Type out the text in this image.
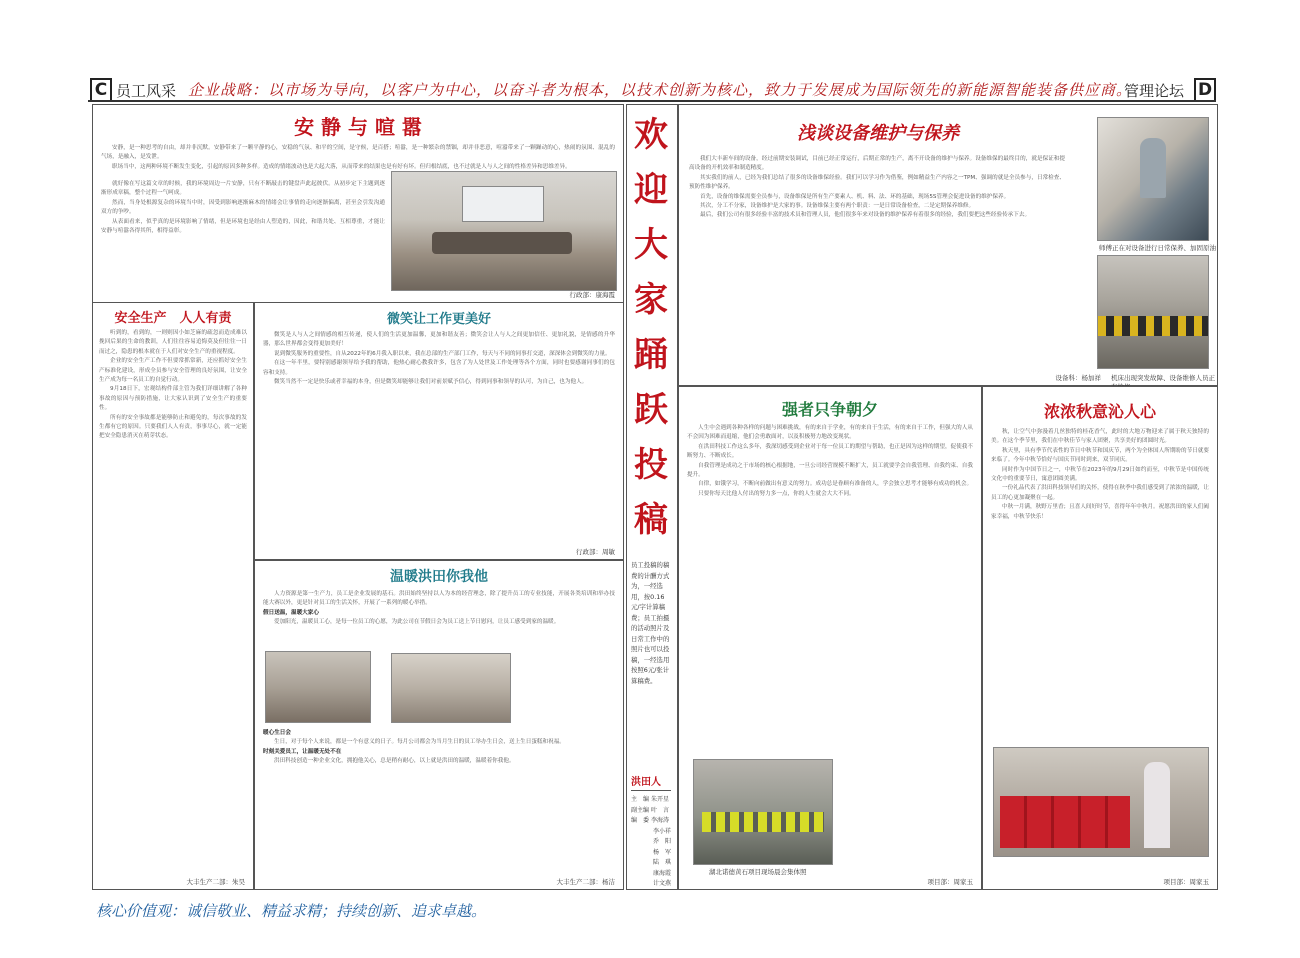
C 员工风采 企业战略：以市场为导向，以客户为中心，以奋斗者为根本，以技术创新为核心，致力于发展成为国际领先的新能源智能装备供应商。
管理论坛 D
安 静 与 喧 嚣

安静，是一种思考的自由，却并非沉默。安静带来了一颗平静的心，安稳的气氛、和平的空间，是守候，是百搭；喧嚣，是一种繁杂的禁锢，却并非恶意，喧嚣带来了一颗躁动的心，热闹的氛围、混乱的气场，是融入，是发泄。

职场当中，这两种环境不断发生变化，引起的原因多种多样。造成的情绪波动也是大起大落，从而带来的结果也是有好有坏。但归根结底，也不过就是人与人之间的性格差异和思维差异。

就好像在写这篇文章的时候，我的环境周边一片安静，只有不断敲击的键盘声此起彼伏。从初步定下主题到逐渐形成章稿，整个过程一气呵成。

然而，当身处根源复杂的环境当中时，因受到影响逐渐麻木的情绪会让事情的走向逐渐偏离，甚至会引发沟通双方的争吵。

从表面看来，似乎真的是环境影响了情绪，但是环境也是经由人塑造的，因此，和谐共处、互相尊重，才能让安静与喧嚣各得其所，相得益彰。

行政部：康海霞
安全生产　人人有责

听到的，看到的，一则则因小如芝麻的疏忽而造成难以挽回后果的生命的教训，人们往往容易追悔莫及但往往一日而过之，隐患的根本就在于人们对安全生产的重视程度。

企业的安全生产工作不但要常抓常新，还应抓好安全生产标准化建设，形成全员参与安全管理的良好氛围，让安全生产成为每一名员工的自觉行动。

9月18日下，宏观结构件部主管为我们详细讲解了各种事故的原因与预防措施，让大家认识到了安全生产的重要性。

所有的安全事故都是能够防止和避免的，每次事故的发生都有它的原因。只要我们人人有责，事事尽心，就一定能把安全隐患消灭在萌芽状态。

大丰生产二部：朱昊
微笑让工作更美好

微笑是人与人之间情感的相互传递，使人们的生活更加温馨，更加和谐友善；微笑会让人与人之间更加信任、更加礼貌，是情感的升华器，那么世界都会变得更加美好！

说到微笑服务的重要性，自从2022年的6月我入职以来，我在总部的生产部门工作，每天与不同的同事打交道，深深体会到微笑的力量。

在这一年半里，要特别感谢领导给予我的帮助，他热心耐心教我许多，包含了为人处世及工作处理等各个方面，同时也要感谢同事们的包容和支持。

微笑当然不一定是快乐或者幸福的本身，但是微笑却能够让我们对前景赋予信心，得到同事和领导的认可，为自己，也为他人。

行政部：周敏
温暖洪田你我他

人力资源是第一生产力，员工是企业发展的基石。洪田始终坚持以人为本的经营理念，除了提升员工的专业技能，开展各类培训和举办技能大赛以外，更是针对员工的生活关怀，开展了一系列的暖心举措。

假日送温，温暖大家心

爱加阳光，温暖员工心，是每一位员工的心愿，为此公司在节假日会为员工送上节日慰问，让员工感受到家的温暖。

暖心生日会

生日，对于每个人来说，都是一个有意义的日子。每月公司都会为当月生日的员工举办生日会，送上生日蛋糕和祝福。

时刻关爱员工，让温暖无处不在

洪田科技创造一种企业文化，拥抱他关心，总是稍有耐心，以上就是洪田的温暖，温暖着你我他。

大丰生产二部：杨洁
欢
迎
大
家
踊
跃
投
稿
员工投稿的稿费的计酬方式为，一经选用，按0.16元/字计算稿费；员工拍摄的活动照片及日常工作中的照片也可以投稿，一经选用按照6元/张计算稿费。
洪田人
主　编 朱开星
副主编 叶　言
编　委 李海涛
李小祥
乔　阳
杨　军
陆　琪
康海霞
计文燕
浅谈设备维护与保养

我们大丰新车间的设备，经过前期安装调试，目前已经正常运行，后期正常的生产，离不开设备的维护与保养。设备维保的最终目的，就是保证和提高设备的开机效率和制造精度。

其实我们的前人，已经为我们总结了很多的设备维保经验。我们可以学习作为借鉴，例如精益生产内容之一TPM、强调的就是全员参与，日常检查、预防性维护保养。

首先，设备的维保需要全员参与，设备维保是所有生产要素人、机、料、法、环的基础，现场5S管理会促进设备的维护保养。

其次，分工不分家，设备维护是大家的事。设备维保主要有两个职责：一是日常设备检查，二是定期保养维修。

最后，我们公司有很多经验丰富的技术员和管理人员，他们很多年来对设备的维护保养有着很多的经验，我们要把这些经验传承下去。

师傅正在对设备进行日常保养、加固原油
设备科：杨加祥 机床出现突发故障、设备维修人员正
强者只争朝夕

人生中会遇到各种各样的问题与困难挑战，有的来自于学业，有的来自于生活，有的来自于工作，但强大的人从不会因为困难而退缩，他们会勇敢面对，以及积极努力地改变现状。

在洪田科技工作这么多年，我深切感受到企业对于每一位员工的期望与帮助，也正是因为这样的期望，促使我不断努力、不断成长。

自我管理是成功之于市场的核心根据地，一旦公司经营规模不断扩大，员工就要学会自我管理、自我约束、自我提升。

自律，如饿学习，不断向前做出有意义的努力。成功总是眷顾有准备的人，学会独立思考才能够有成功的机会。

只要你每天比他人付出的努力多一点，你的人生就会大大不同。

湖北诺德黄石项目现场晨会集体照
项目部：周家玉
浓浓秋意沁人心

秋，让空气中弥漫着几丝独特的桂花香气，此时的大地万物迎来了属于秋天独特的美。在这个季节里，我们在中秋佳节与家人团聚，共享美好的团圆时光。

秋天里，具有季节代表性的节日中秋节和国庆节，两个为全体国人所期盼的节日就要来临了。今年中秋节恰好与国庆节同时到来，双节同庆。

同时作为中国节日之一，中秋节在2023年的9月29日如约而至，中秋节是中国传统文化中的重要节日，寓意团圆美满。

一份礼品代表了洪田科技领导们的关怀，使得在秋季中我们感受到了浓浓的温暖，让员工的心更加凝聚在一起。

中秋一月满，秋野万里香；且喜人间好时节，喜得年年中秋月。祝愿洪田的家人们阖家幸福，中秋节快乐！

项目部：周家玉
核心价值观：诚信敬业、精益求精；持续创新、追求卓越。
